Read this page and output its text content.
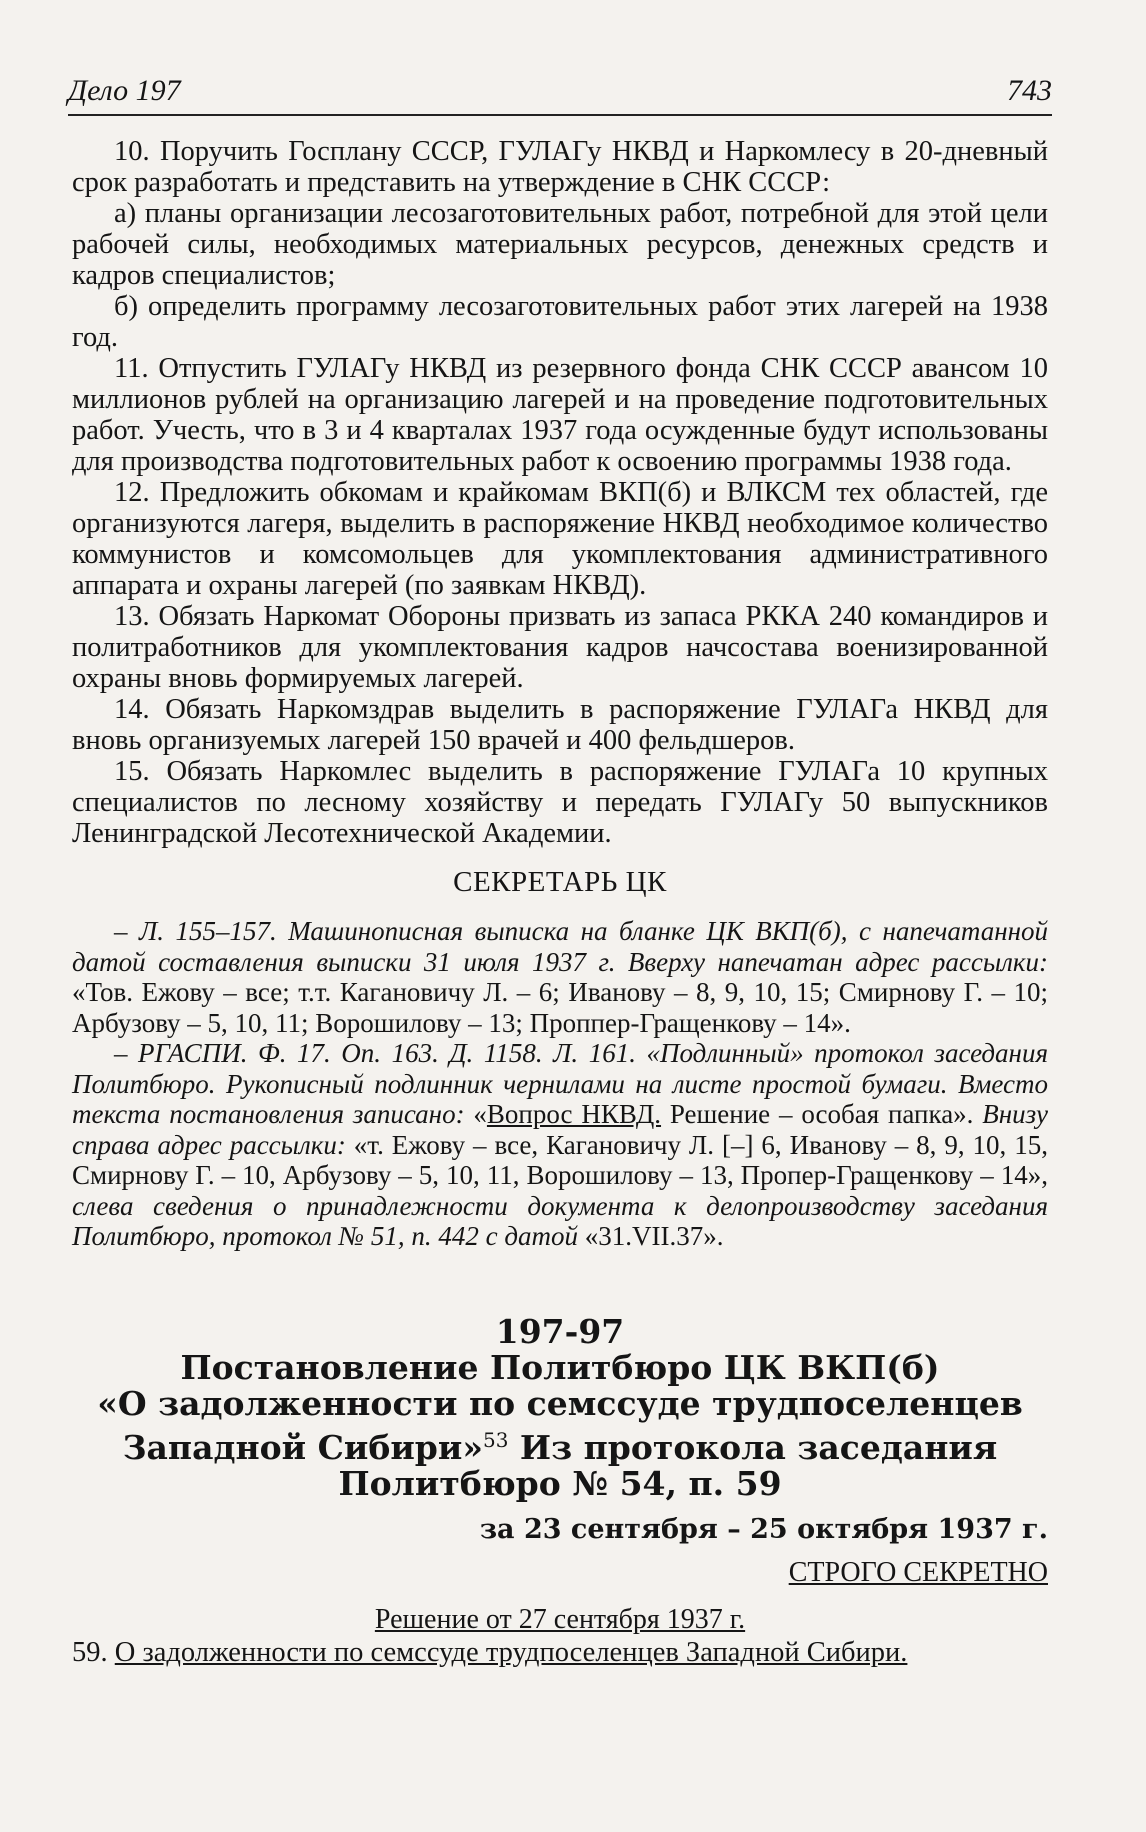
Дело 197	743

10. Поручить Госплану СССР, ГУЛАГу НКВД и Наркомлесу в 20-дневный срок разработать и представить на утверждение в СНК СССР:

а) планы организации лесозаготовительных работ, потребной для этой цели рабочей силы, необходимых материальных ресурсов, денежных средств и кадров специалистов;

б) определить программу лесозаготовительных работ этих лагерей на 1938 год.

11. Отпустить ГУЛАГу НКВД из резервного фонда СНК СССР авансом 10 миллионов рублей на организацию лагерей и на проведение подготовительных работ. Учесть, что в 3 и 4 кварталах 1937 года осужденные будут использованы для производства подготовительных работ к освоению программы 1938 года.

12. Предложить обкомам и крайкомам ВКП(б) и ВЛКСМ тех областей, где организуются лагеря, выделить в распоряжение НКВД необходимое количество коммунистов и комсомольцев для укомплектования административного аппарата и охраны лагерей (по заявкам НКВД).

13. Обязать Наркомат Обороны призвать из запаса РККА 240 командиров и политработников для укомплектования кадров начсостава военизированной охраны вновь формируемых лагерей.

14. Обязать Наркомздрав выделить в распоряжение ГУЛАГа НКВД для вновь организуемых лагерей 150 врачей и 400 фельдшеров.

15. Обязать Наркомлес выделить в распоряжение ГУЛАГа 10 крупных специалистов по лесному хозяйству и передать ГУЛАГу 50 выпускников Ленинградской Лесотехнической Академии.

СЕКРЕТАРЬ ЦК

– Л. 155–157. Машинописная выписка на бланке ЦК ВКП(б), с напечатанной датой составления выписки 31 июля 1937 г. Вверху напечатан адрес рассылки: «Тов. Ежову – все; т.т. Кагановичу Л. – 6; Иванову – 8, 9, 10, 15; Смирнову Г. – 10; Арбузову – 5, 10, 11; Ворошилову – 13; Проппер-Гращенкову – 14».

– РГАСПИ. Ф. 17. Оп. 163. Д. 1158. Л. 161. «Подлинный» протокол заседания Политбюро. Рукописный подлинник чернилами на листе простой бумаги. Вместо текста постановления записано: «Вопрос НКВД. Решение – особая папка». Внизу справа адрес рассылки: «т. Ежову – все, Кагановичу Л. [–] 6, Иванову – 8, 9, 10, 15, Смирнову Г. – 10, Арбузову – 5, 10, 11, Ворошилову – 13, Пропер-Гращенкову – 14», слева сведения о принадлежности документа к делопроизводству заседания Политбюро, протокол № 51, п. 442 с датой «31.VII.37».

197-97
Постановление Политбюро ЦК ВКП(б)
«О задолженности по семссуде трудпоселенцев
Западной Сибири»$^{53}$ Из протокола заседания
Политбюро № 54, п. 59
за 23 сентября – 25 октября 1937 г.
СТРОГО СЕКРЕТНО
Решение от 27 сентября 1937 г.
59. О задолженности по семссуде трудпоселенцев Западной Сибири.
